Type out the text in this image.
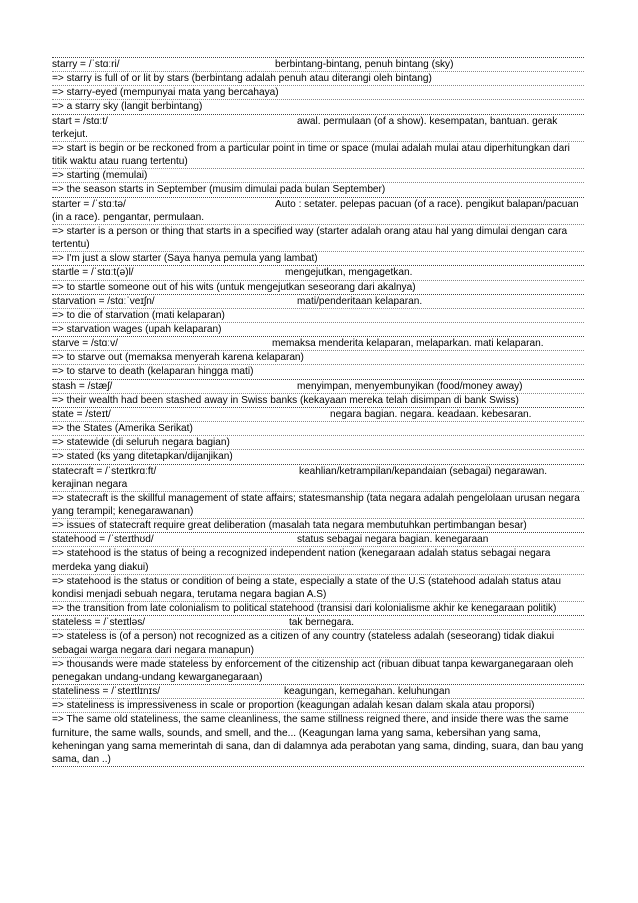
starry = /ˈstɑːri/	berbintang-bintang, penuh bintang (sky)
=> starry is full of or lit by stars (berbintang adalah penuh atau diterangi oleh bintang)
=> starry-eyed (mempunyai mata yang bercahaya)
=> a starry sky (langit berbintang)
start = /stɑːt/	awal. permulaan (of a show). kesempatan, bantuan. gerak terkejut.
=> start is begin or be reckoned from a particular point in time or space (mulai adalah mulai atau diperhitungkan dari titik waktu atau ruang tertentu)
=> starting (memulai)
=> the season starts in September (musim dimulai pada bulan September)
starter = /ˈstɑːtə/	Auto : setater. pelepas pacuan (of a race). pengikut balapan/pacuan (in a race). pengantar, permulaan.
=> starter is a person or thing that starts in a specified way (starter adalah orang atau hal yang dimulai dengan cara tertentu)
=> I'm just a slow starter (Saya hanya pemula yang lambat)
startle = /ˈstɑːt(ə)l/	mengejutkan, mengagetkan.
=> to startle someone out of his wits (untuk mengejutkan seseorang dari akalnya)
starvation = /stɑːˈveɪʃn/	mati/penderitaan kelaparan.
=> to die of starvation (mati kelaparan)
=> starvation wages (upah kelaparan)
starve = /stɑːv/	memaksa menderita kelaparan, melaparkan. mati kelaparan.
=> to starve out (memaksa menyerah karena kelaparan)
=> to starve to death (kelaparan hingga mati)
stash = /stæʃ/	menyimpan, menyembunyikan (food/money away)
=> their wealth had been stashed away in Swiss banks (kekayaan mereka telah disimpan di bank Swiss)
state = /steɪt/	negara bagian. negara. keadaan. kebesaran.
=> the States (Amerika Serikat)
=> statewide (di seluruh negara bagian)
=> stated (ks yang ditetapkan/dijanjikan)
statecraft = /ˈsteɪtkrɑːft/	keahlian/ketrampilan/kepandaian (sebagai) negarawan. kerajinan negara
=> statecraft is the skillful management of state affairs; statesmanship (tata negara adalah pengelolaan urusan negara yang terampil; kenegarawanan)
=> issues of statecraft require great deliberation (masalah tata negara membutuhkan pertimbangan besar)
statehood = /ˈsteɪthʊd/	status sebagai negara bagian. kenegaraan
=> statehood is the status of being a recognized independent nation (kenegaraan adalah status sebagai negara merdeka yang diakui)
=> statehood is the status or condition of being a state, especially a state of the U.S (statehood adalah status atau kondisi menjadi sebuah negara, terutama negara bagian A.S)
=> the transition from late colonialism to political statehood (transisi dari kolonialisme akhir ke kenegaraan politik)
stateless = /ˈsteɪtləs/	tak bernegara.
=> stateless is (of a person) not recognized as a citizen of any country (stateless adalah (seseorang) tidak diakui sebagai warga negara dari negara manapun)
=> thousands were made stateless by enforcement of the citizenship act (ribuan dibuat tanpa kewarganegaraan oleh penegakan undang-undang kewarganegaraan)
stateliness = /ˈsteɪtlɪnɪs/	keagungan, kemegahan. keluhungan
=> stateliness is impressiveness in scale or proportion (keagungan adalah kesan dalam skala atau proporsi)
=> The same old stateliness, the same cleanliness, the same stillness reigned there, and inside there was the same furniture, the same walls, sounds, and smell, and the... (Keagungan lama yang sama, kebersihan yang sama, keheningan yang sama memerintah di sana, dan di dalamnya ada perabotan yang sama, dinding, suara, dan bau yang sama, dan ..)
